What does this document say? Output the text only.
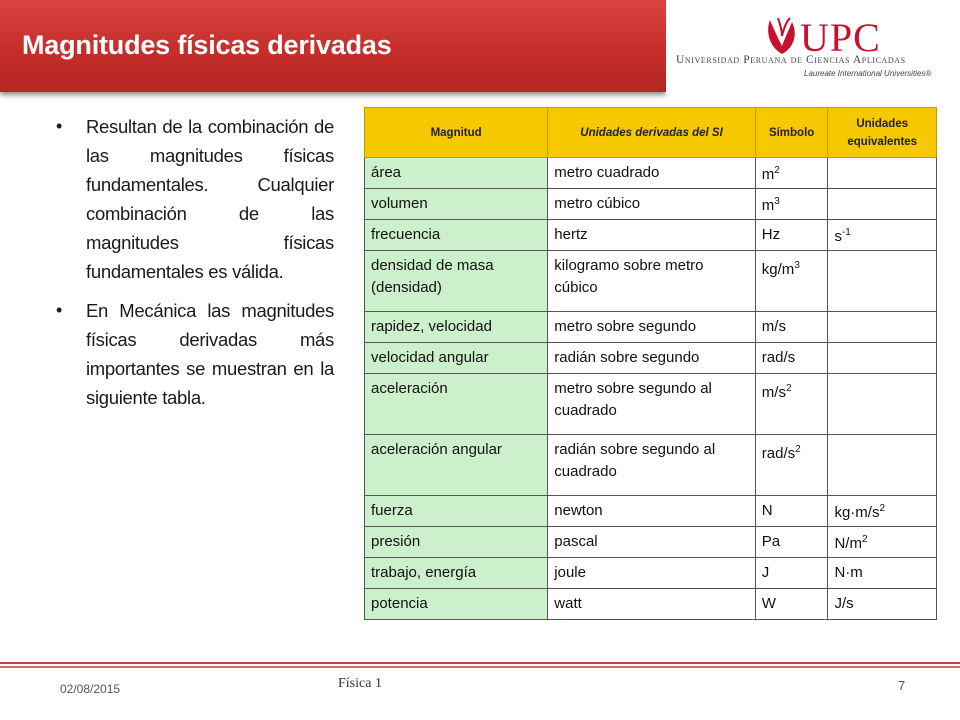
Magnitudes físicas derivadas	UPC
Universidad Peruana de Ciencias Aplicadas
Laureate International Universities®
• Resultan de la combinación de las magnitudes físicas fundamentales. Cualquier combinación de las magnitudes físicas fundamentales es válida.
• En Mecánica las magnitudes físicas derivadas más importantes se muestran en la siguiente tabla.
Magnitud	Unidades derivadas del SI	Símbolo	Unidades equivalentes
área	metro cuadrado	$m^2$	
volumen	metro cúbico	$m^3$	
frecuencia	hertz	Hz	$s^{-1}$
densidad de masa (densidad)	kilogramo sobre metro cúbico	$kg/m^3$	
rapidez, velocidad	metro sobre segundo	m/s	
velocidad angular	radián sobre segundo	rad/s	
aceleración	metro sobre segundo al cuadrado	$m/s^2$	
aceleración angular	radián sobre segundo al cuadrado	rad/$s^2$	
fuerza	newton	N	$kg\cdot m/s^2$
presión	pascal	Pa	$N/m^2$
trabajo, energía	joule	J	N·m
potencia	watt	W	J/s
02/08/2015	Física 1	7
